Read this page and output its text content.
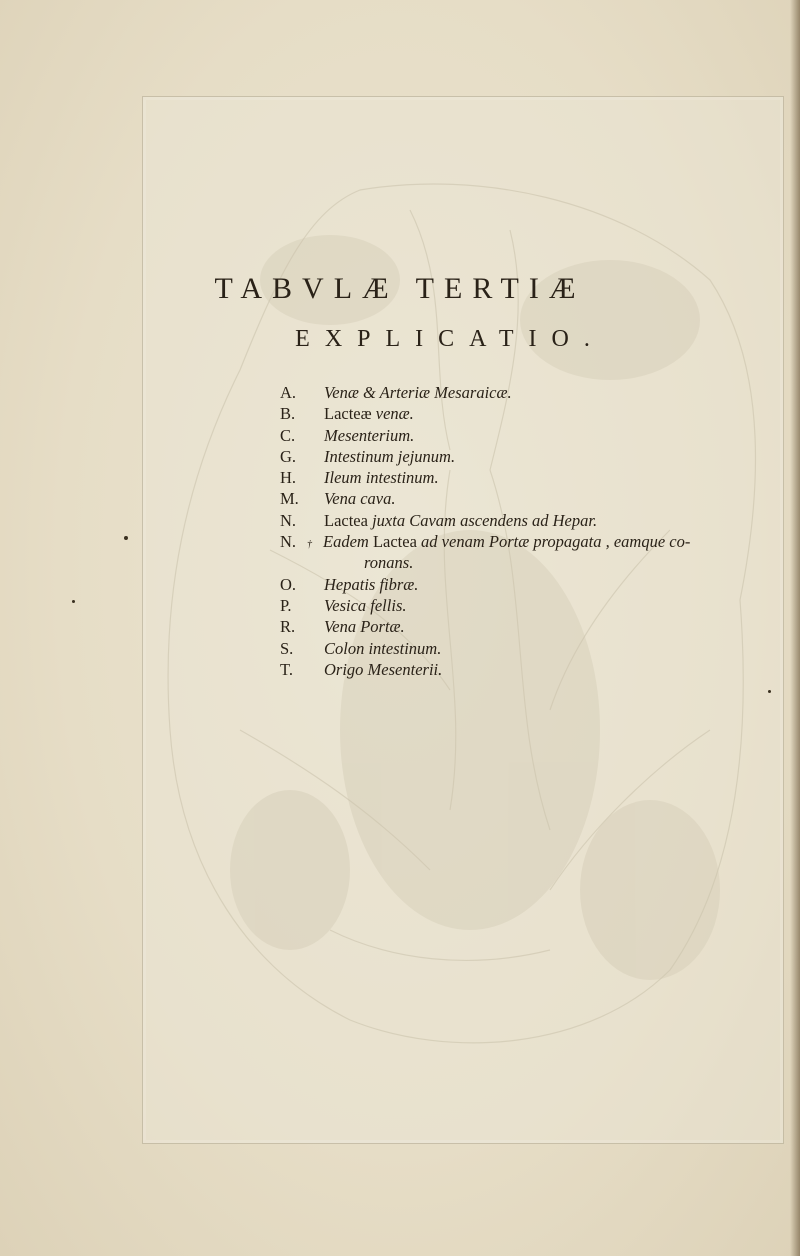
TABVLÆ TERTIÆ
EXPLICATIO.
A.	Venæ & Arteriæ Mesaraicæ.
B.	Lacteæ venæ.
C.	Mesenterium.
G.	Intestinum jejunum.
H.	Ileum intestinum.
M.	Vena cava.
N.	Lactea juxta Cavam ascendens ad Hepar.
N.	† Eadem Lactea ad venam Portæ propagata , eamque co-
ronans.
O.	Hepatis fibræ.
P.	Vesica fellis.
R.	Vena Portæ.
S.	Colon intestinum.
T.	Origo Mesenterii.
